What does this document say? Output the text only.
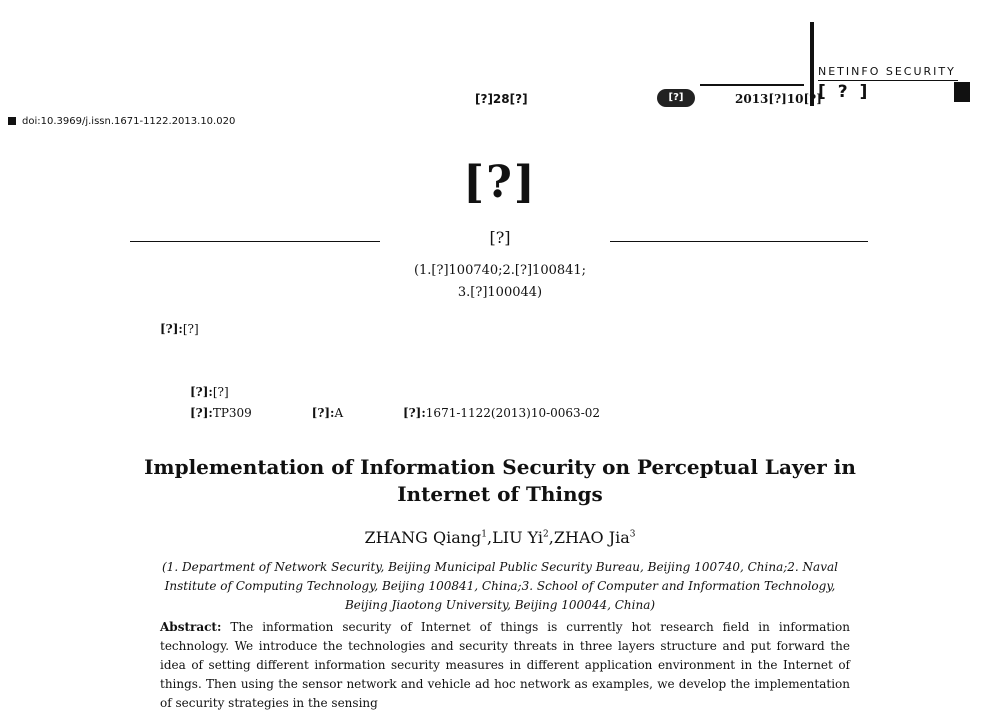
[?]28[?]	[?]	2013[?]10[?]
NETINFO SECURITY
[?]
doi:10.3969/j.issn.1671-1122.2013.10.020
[?]
[?]
(1.[?]100740;2.[?]100841;
3.[?]100044)
[?]:[?]
[?]:[?]
[?]:TP309	[?]:A	[?]:1671-1122(2013)10-0063-02
Implementation of Information Security on Perceptual Layer in
Internet of Things
ZHANG Qiang$^1$,LIU Yi$^2$,ZHAO Jia$^3$
(1. Department of Network Security, Beijing Municipal Public Security Bureau, Beijing 100740, China;2. Naval Institute of Computing Technology, Beijing 100841, China;3. School of Computer and Information Technology, Beijing Jiaotong University, Beijing 100044, China)
Abstract: The information security of Internet of things is currently hot research field in information technology. We introduce the technologies and security threats in three layers structure and put forward the idea of setting different information security measures in different application environment in the Internet of things. Then using the sensor network and vehicle ad hoc network as examples, we develop the implementation of security strategies in the sensing
